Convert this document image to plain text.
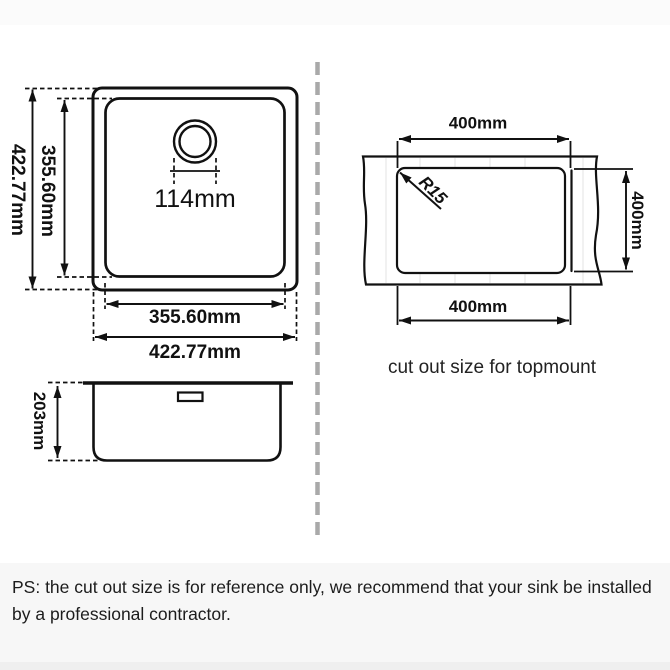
114mm
422.77mm 355.60mm
355.60mm
422.77mm
203mm
R15
400mm
400mm
400mm
cut out size for topmount
PS: the cut out size is for reference only, we recommend that your sink be installed
by a professional contractor.
